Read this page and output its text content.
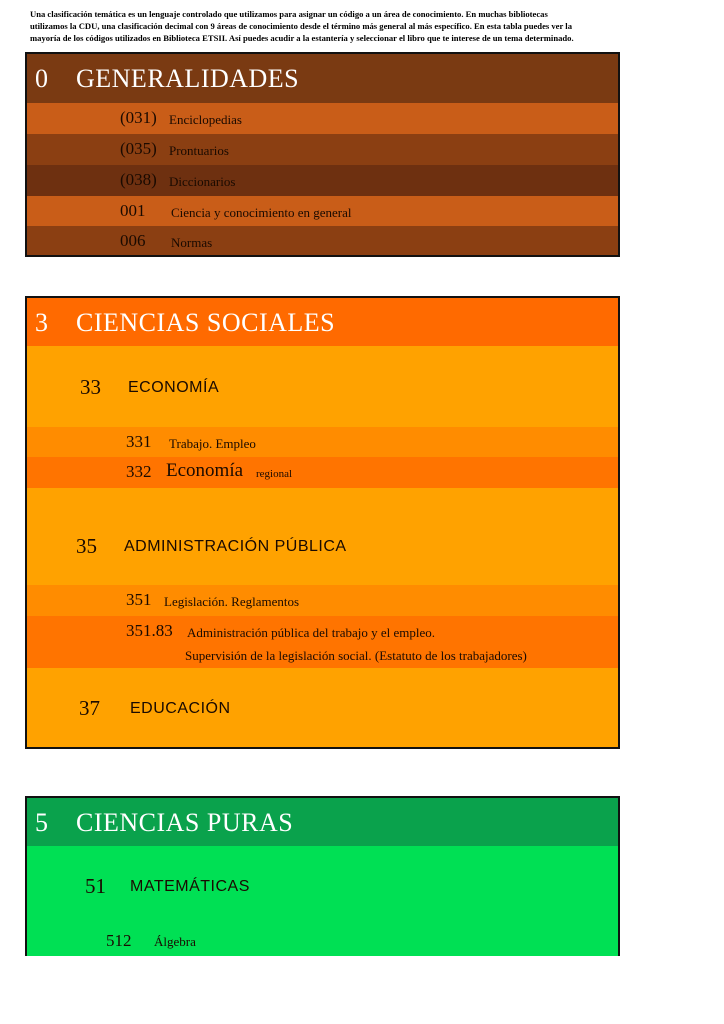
Una clasificación temática es un lenguaje controlado que utilizamos para asignar un código a un área de conocimiento. En muchas bibliotecas

utilizamos la CDU, una clasificación decimal con 9 áreas de conocimiento desde el término más general al más específico. En esta tabla puedes ver la

mayoría de los códigos utilizados en Biblioteca ETSII. Así puedes acudir a la estantería y seleccionar el libro que te interese de un tema determinado.

0 GENERALIDADES
(031) Enciclopedias
(035) Prontuarios
(038) Diccionarios
001 Ciencia y conocimiento en general
006 Normas
3 CIENCIAS SOCIALES
33 ECONOMÍA
331 Trabajo. Empleo
332 Economía regional
35 ADMINISTRACIÓN PÚBLICA
351 Legislación. Reglamentos
351.83 Administración pública del trabajo y el empleo.
Supervisión de la legislación social. (Estatuto de los trabajadores)
37 EDUCACIÓN
5 CIENCIAS PURAS
51 MATEMÁTICAS
512 Álgebra
